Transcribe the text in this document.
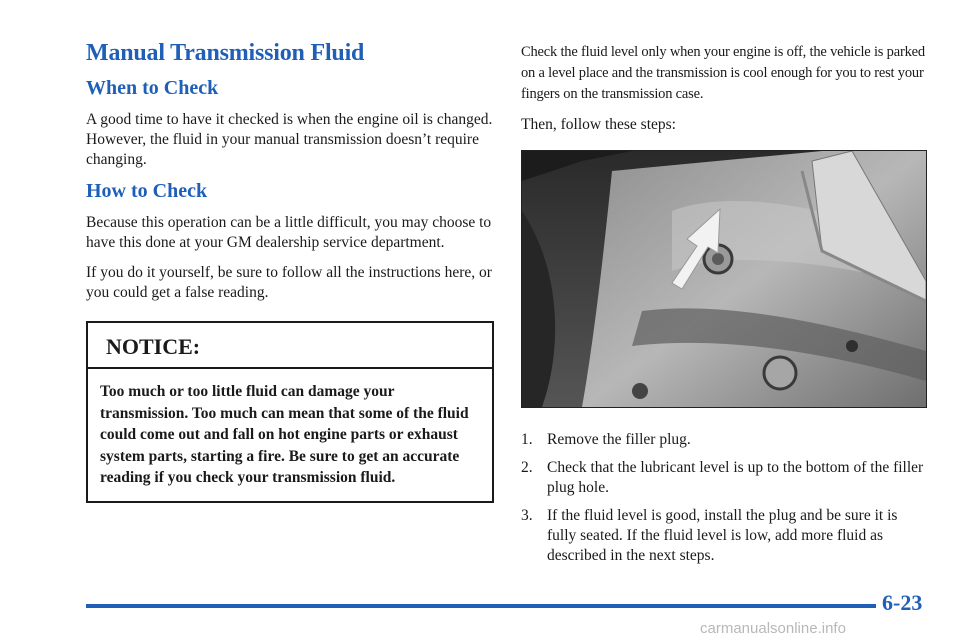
Manual Transmission Fluid
When to Check

A good time to have it checked is when the engine oil is changed. However, the fluid in your manual transmission doesn’t require changing.

How to Check

Because this operation can be a little difficult, you may choose to have this done at your GM dealership service department.

If you do it yourself, be sure to follow all the instructions here, or you could get a false reading.

NOTICE:
Too much or too little fluid can damage your transmission. Too much can mean that some of the fluid could come out and fall on hot engine parts or exhaust system parts, starting a fire. Be sure to get an accurate reading if you check your transmission fluid.

Check the fluid level only when your engine is off, the vehicle is parked on a level place and the transmission is cool enough for you to rest your fingers on the transmission case.

Then, follow these steps:

1. Remove the filler plug.
2. Check that the lubricant level is up to the bottom of the filler plug hole.
3. If the fluid level is good, install the plug and be sure it is fully seated. If the fluid level is low, add more fluid as described in the next steps.
6-23
carmanualsonline.info
